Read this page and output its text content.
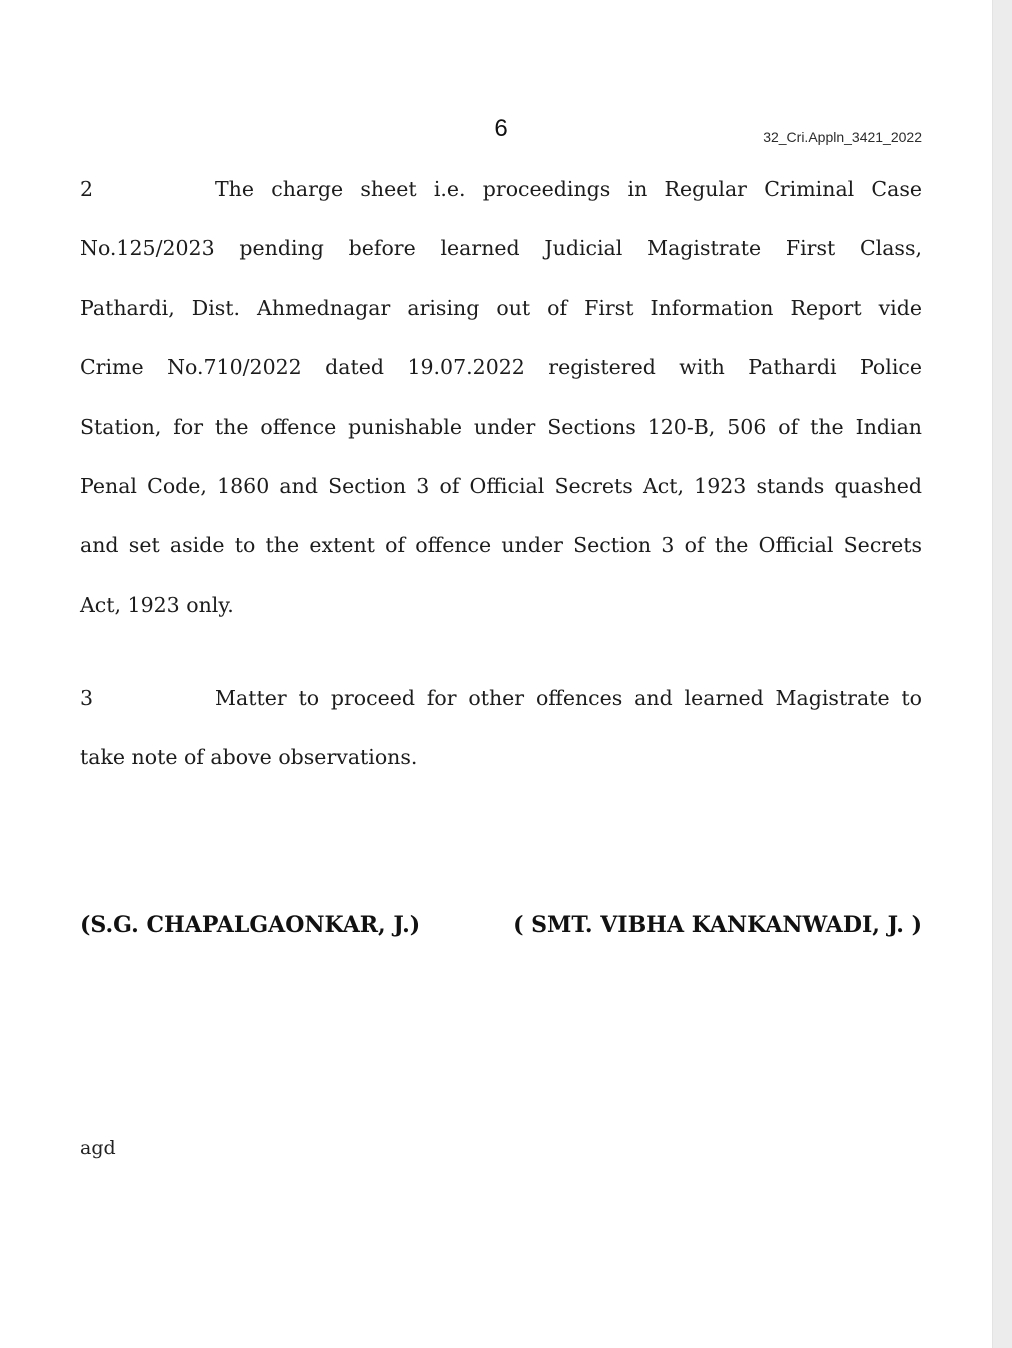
6	32_Cri.Appln_3421_2022
2	The charge sheet i.e. proceedings in Regular Criminal Case
No.125/2023 pending before learned Judicial Magistrate First Class,
Pathardi, Dist. Ahmednagar arising out of First Information Report vide
Crime No.710/2022 dated 19.07.2022 registered with Pathardi Police
Station, for the offence punishable under Sections 120-B, 506 of the Indian
Penal Code, 1860 and Section 3 of Official Secrets Act, 1923 stands quashed
and set aside to the extent of offence under Section 3 of the Official Secrets
Act, 1923 only.
3	Matter to proceed for other offences and learned Magistrate to
take note of above observations.
(S.G. CHAPALGAONKAR, J.)	( SMT. VIBHA KANKANWADI, J. )
agd
